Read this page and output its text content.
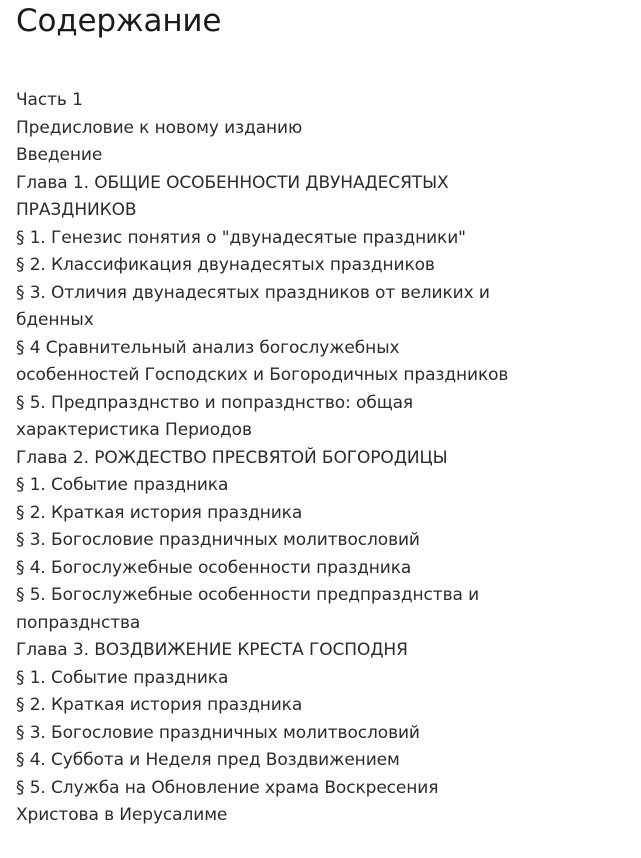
Содержание
Часть 1
Предисловие к новому изданию
Введение
Глава 1. ОБЩИЕ ОСОБЕННОСТИ ДВУНАДЕСЯТЫХ ПРАЗДНИКОВ
§ 1. Генезис понятия о "двунадесятые праздники"
§ 2. Классификация двунадесятых праздников
§ 3. Отличия двунадесятых праздников от великих и бденных
§ 4 Сравнительный анализ богослужебных особенностей Господских и Богородичных праздников
§ 5. Предпразднство и попразднство: общая характеристика Периодов
Глава 2. РОЖДЕСТВО ПРЕСВЯТОЙ БОГОРОДИЦЫ
§ 1. Событие праздника
§ 2. Краткая история праздника
§ 3. Богословие праздничных молитвословий
§ 4. Богослужебные особенности праздника
§ 5. Богослужебные особенности предпразднства и попразднства
Глава 3. ВОЗДВИЖЕНИЕ КРЕСТА ГОСПОДНЯ
§ 1. Событие праздника
§ 2. Краткая история праздника
§ 3. Богословие праздничных молитвословий
§ 4. Суббота и Неделя пред Воздвижением
§ 5. Служба на Обновление храма Воскресения Христова в Иерусалиме
